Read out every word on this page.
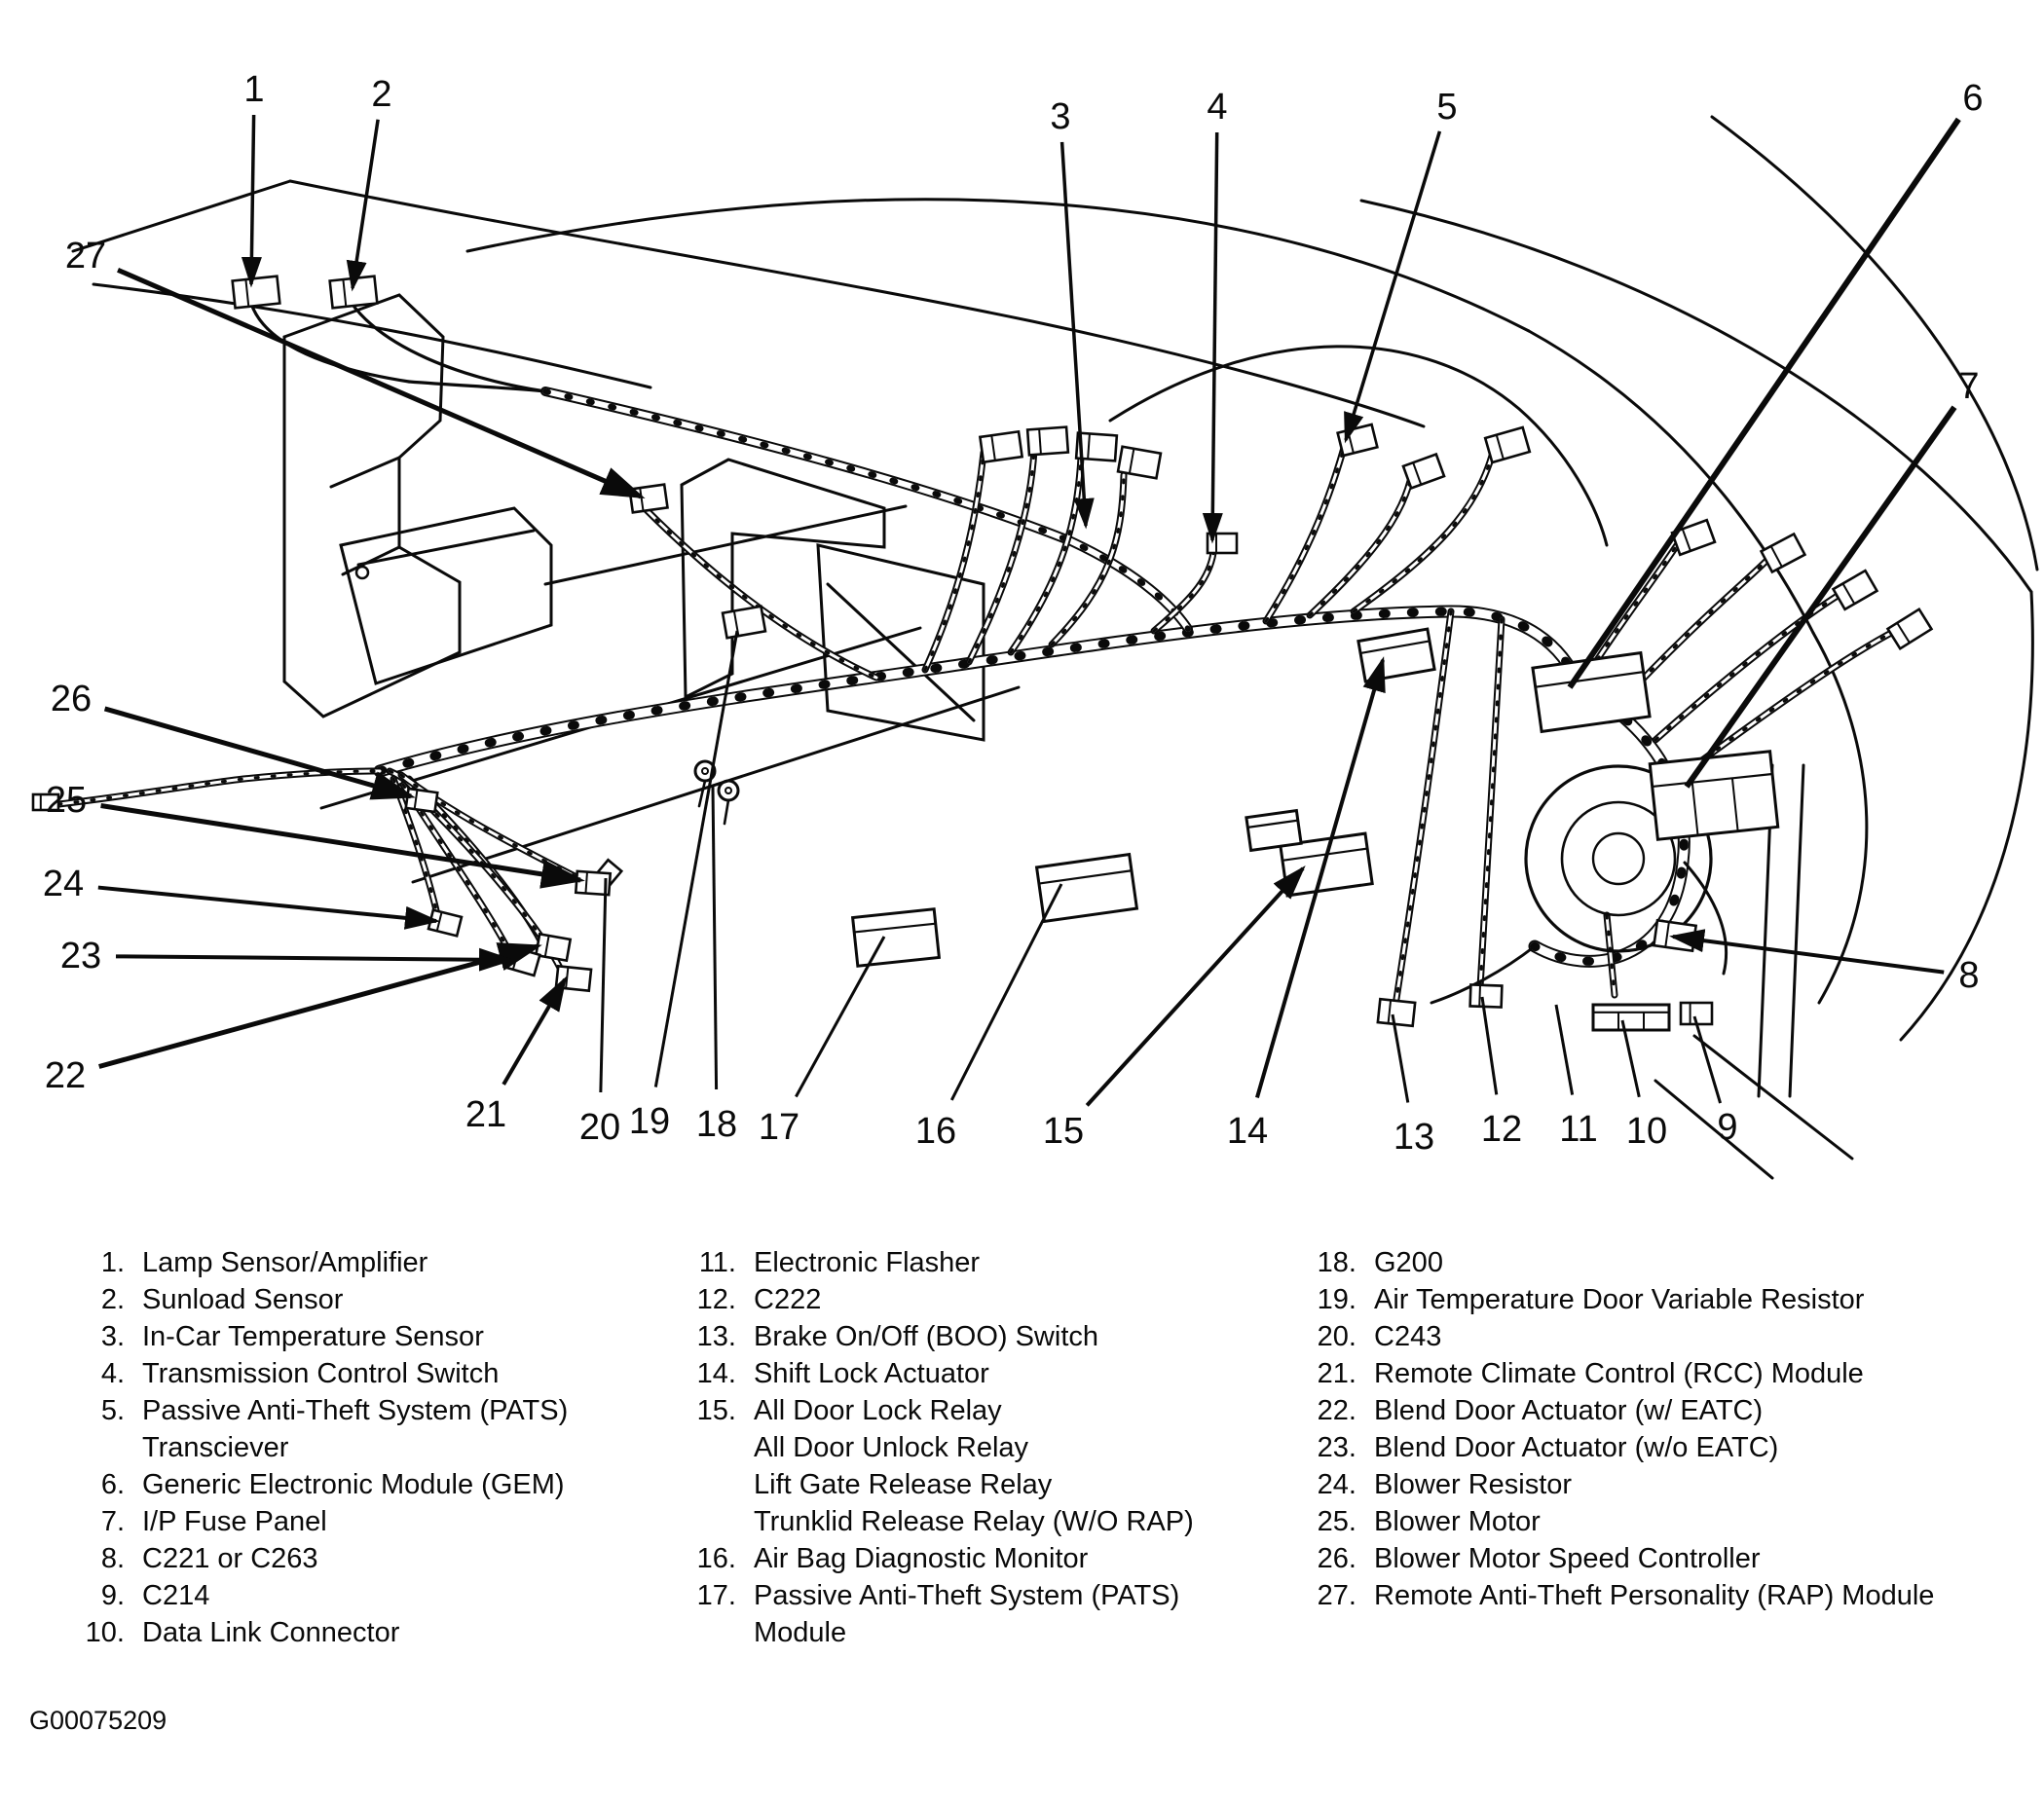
1	2
3	4	5	6
7
8
9
10
11
12
13
14
15
16
17
18
19
20
21
22
23
24
25
26
27
1. Lamp Sensor/Amplifier
2. Sunload Sensor
3. In-Car Temperature Sensor
4. Transmission Control Switch
5. Passive Anti-Theft System (PATS)
Transciever
6. Generic Electronic Module (GEM)
7. I/P Fuse Panel
8. C221 or C263
9. C214
10. Data Link Connector
11. Electronic Flasher
12. C222
13. Brake On/Off (BOO) Switch
14. Shift Lock Actuator
15. All Door Lock Relay
All Door Unlock Relay
Lift Gate Release Relay
Trunklid Release Relay (W/O RAP)
16. Air Bag Diagnostic Monitor
17. Passive Anti-Theft System (PATS)
Module
18. G200
19. Air Temperature Door Variable Resistor
20. C243
21. Remote Climate Control (RCC) Module
22. Blend Door Actuator (w/ EATC)
23. Blend Door Actuator (w/o EATC)
24. Blower Resistor
25. Blower Motor
26. Blower Motor Speed Controller
27. Remote Anti-Theft Personality (RAP) Module
G00075209
